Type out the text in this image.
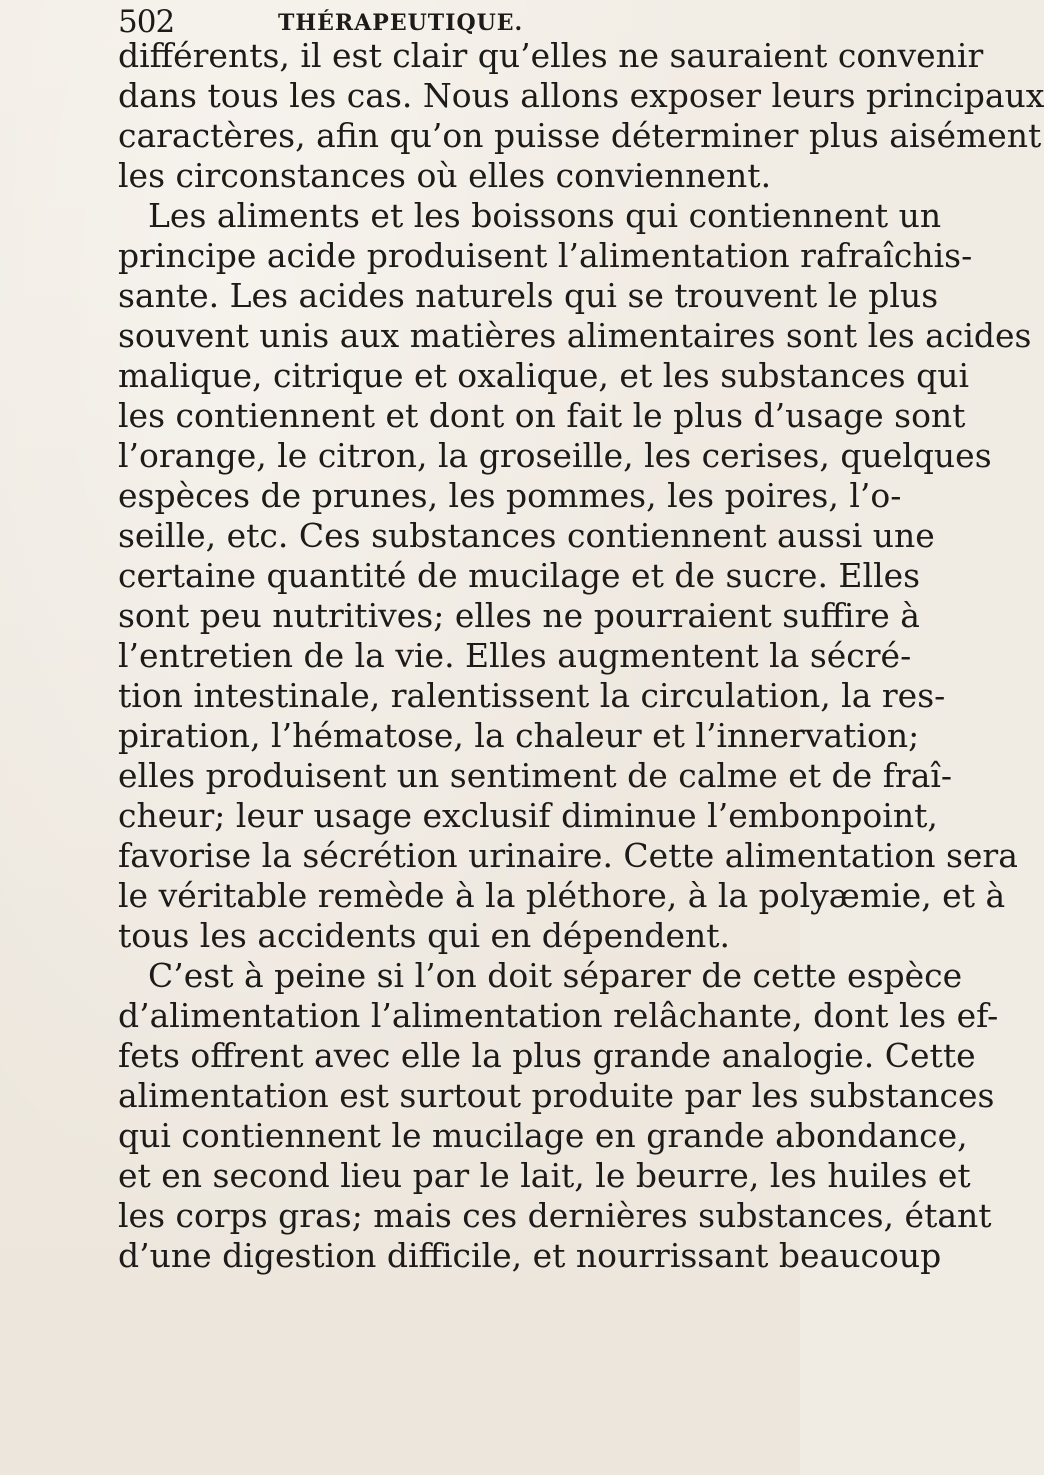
502	THÉRAPEUTIQUE.
différents, il est clair qu’elles ne sauraient convenir
dans tous les cas. Nous allons exposer leurs principaux
caractères, afin qu’on puisse déterminer plus aisément
les circonstances où elles conviennent.
Les aliments et les boissons qui contiennent un
principe acide produisent l’alimentation rafraîchis-
sante. Les acides naturels qui se trouvent le plus
souvent unis aux matières alimentaires sont les acides
malique, citrique et oxalique, et les substances qui
les contiennent et dont on fait le plus d’usage sont
l’orange, le citron, la groseille, les cerises, quelques
espèces de prunes, les pommes, les poires, l’o-
seille, etc. Ces substances contiennent aussi une
certaine quantité de mucilage et de sucre. Elles
sont peu nutritives; elles ne pourraient suffire à
l’entretien de la vie. Elles augmentent la sécré-
tion intestinale, ralentissent la circulation, la res-
piration, l’hématose, la chaleur et l’innervation;
elles produisent un sentiment de calme et de fraî-
cheur; leur usage exclusif diminue l’embonpoint,
favorise la sécrétion urinaire. Cette alimentation sera
le véritable remède à la pléthore, à la polyæmie, et à
tous les accidents qui en dépendent.
C’est à peine si l’on doit séparer de cette espèce
d’alimentation l’alimentation relâchante, dont les ef-
fets offrent avec elle la plus grande analogie. Cette
alimentation est surtout produite par les substances
qui contiennent le mucilage en grande abondance,
et en second lieu par le lait, le beurre, les huiles et
les corps gras; mais ces dernières substances, étant
d’une digestion difficile, et nourrissant beaucoup
